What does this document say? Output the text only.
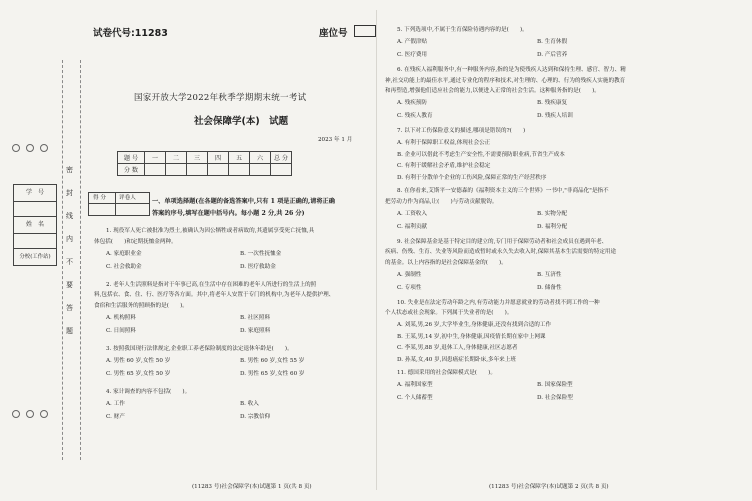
密
封
线
内
不
要
答
题
学　号
姓　名
分校(工作站)
试卷代号:11283	座位号
国家开放大学2022年秋季学期期末统一考试
社会保障学(本)　试题
2023 年 1 月
题 号	一	二	三	四	五	六	总 分
分 数							
得 分 评卷人	一、单项选择题(在各题的备选答案中,只有 1 项是正确的,请将正确
答案的序号,填写在题中括号内。每小题 2 分,共 26 分)
1. 现役军人死亡被批准为烈士,被确认为因公牺牲或者病故的,其遗属享受死亡抚恤,具
体包括(　　)和定期抚恤金两种。
A. 家庭职业金	B. 一次性抚恤金
C. 社会救助金	D. 医疗救助金
2. 老年人生活照料是指对于年事已高,在生活中存在困难的老年人所进行的生活上的照
料,包括衣、食、住、行、医疗等各方面。其中,将老年人安置于专门的机构中,为老年人提供护理、
食宿和生活服务的照顾指的是(　　)。
A. 机构照料	B. 社区照料
C. 日间照料	D. 家庭照料
3. 按照我国现行法律规定,企业职工养老保险制度的法定退休年龄是(　　)。
A. 男性 60 岁,女性 50 岁	B. 男性 60 岁,女性 55 岁
C. 男性 65 岁,女性 50 岁	D. 男性 65 岁,女性 60 岁
4. 家计调查的内容不包括(　　)。
A. 工作	B. 收入
C. 财产	D. 宗教信仰
5. 下列选项中,不属于生育保险待遇内容的是(　　)。
A. 产假津贴	B. 生育休假
C. 医疗费用	D. 产后营养
6. 在残疾人福利服务中,有一种服务内容,指的是为使残疾人达到和保持生理、感官、智力、精
神,社交功能上的最佳水平,通过专业化的程序和技术,对生理的、心理的、行为的残疾人实施的教育
和再塑造,增强他们适应社会的能力,以便进入正常的社会生活。这种服务指的是(　　)。
A. 残疾预防	B. 残疾康复
C. 残疾人教育	D. 残疾人培训
7. 以下对工伤保险意义的描述,哪项是错误的?(　　)
A. 有利于保障职工权益,体现社会公正
B. 企业可以借此不考虑生产安全性,不需要预防职业病,节省生产成本
C. 有利于缓解社会矛盾,维护社会稳定
D. 有利于分散单个企业的工伤风险,保障正常的生产经营秩序
8. 在你看来,艾斯平一安德森的《福利资本主义的三个世界》一书中,"非商品化"是指不
把劳动力作为商品,让(　　)与劳动贡献脱钩。
A. 工资收入	B. 实物分配
C. 福利贡献	D. 福利分配
9. 社会保障基金是基于特定目的建立的,专门用于保障劳动者和社会成员在遇到年老、
疾病、伤残、生育、失业等风险而造成暂时或永久失去收入时,保障其基本生活需要的特定用途
的基金。以上内容指的是社会保障基金的(　　)。
A. 强制性	B. 互济性
C. 专项性	D. 储备性
10. 失业是在法定劳动年龄之内,有劳动能力并愿意就业的劳动者找不到工作的一种
个人状态或社会现象。下列属于失业者的是(　　)。
A. 刘某,男,26 岁,大学毕业生,身体健康,还没有找到合适的工作
B. 王某,男,14 岁,初中生,身体健康,因疫情长期在家中上网课
C. 李某,男,88 岁,退休工人,身体健康,社区志愿者
D. 孙某,女,40 岁,因患癌症长期卧床,多年来上班
11. 德国采用的社会保障模式是(　　)。
A. 福利国家型	B. 国家保险型
C. 个人储蓄型	D. 社会保险型
(11283 号)社会保障学(本)试题第 1 页(共 8 页)	(11283 号)社会保障学(本)试题第 2 页(共 8 页)
